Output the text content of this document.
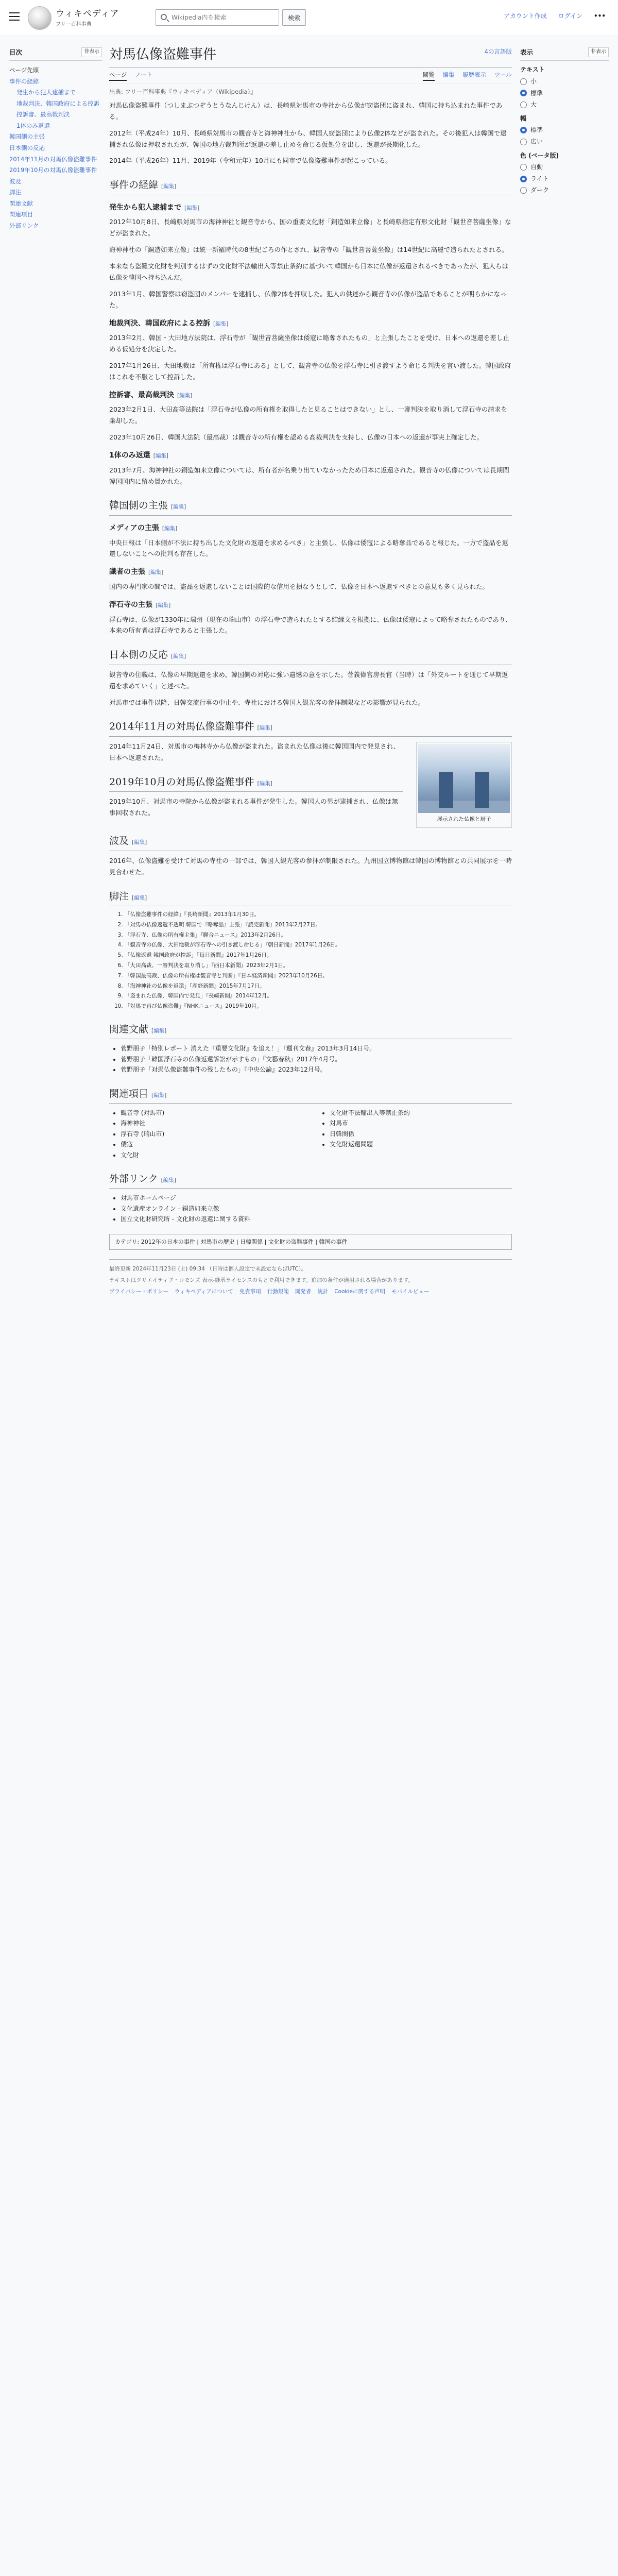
ウィキペディア
フリー百科事典
Wikipedia内を検索
検索	アカウント作成 ログイン •••
目次	非表示
ページ先頭
事件の経緯
発生から犯人逮捕まで
地裁判決、韓国政府による控訴
控訴審、最高裁判決
1体のみ返還
韓国側の主張
日本側の反応
2014年11月の対馬仏像盗難事件
2019年10月の対馬仏像盗難事件
波及
脚注
関連文献
関連項目
外部リンク
表示	非表示
テキスト
小
標準
大
幅
標準
広い
色 (ベータ版)
自動
ライト
ダーク
対馬仏像盗難事件	4の言語版
ページ ノート	閲覧 編集 履歴表示 ツール
出典: フリー百科事典『ウィキペディア（Wikipedia）』

対馬仏像盗難事件（つしまぶつぞうとうなんじけん）は、長崎県対馬市の寺社から仏像が窃盗団に盗まれ、韓国に持ち込まれた事件である。

2012年（平成24年）10月、長崎県対馬市の観音寺と海神神社から、韓国人窃盗団により仏像2体などが盗まれた。その後犯人は韓国で逮捕され仏像は押収されたが、韓国の地方裁判所が返還の差し止めを命じる仮処分を出し、返還が長期化した。

2014年（平成26年）11月、2019年（令和元年）10月にも同市で仏像盗難事件が起こっている。

事件の経緯 [ 編集 ]
発生から犯人逮捕まで [ 編集 ]

2012年10月8日、長崎県対馬市の海神神社と観音寺から、国の重要文化財「銅造如来立像」と長崎県指定有形文化財「観世音菩薩坐像」などが盗まれた。

海神神社の「銅造如来立像」は統一新羅時代の8世紀ごろの作とされ、観音寺の「観世音菩薩坐像」は14世紀に高麗で造られたとされる。

本来なら盗難文化財を判別するはずの文化財不法輸出入等禁止条約に基づいて韓国から日本に仏像が返還されるべきであったが、犯人らは仏像を韓国へ持ち込んだ。

2013年1月、韓国警察は窃盗団のメンバーを逮捕し、仏像2体を押収した。犯人の供述から観音寺の仏像が盗品であることが明らかになった。

地裁判決、韓国政府による控訴 [ 編集 ]

2013年2月、韓国・大田地方法院は、浮石寺が「観世音菩薩坐像は倭寇に略奪されたもの」と主張したことを受け、日本への返還を差し止める仮処分を決定した。

2017年1月26日、大田地裁は「所有権は浮石寺にある」として、観音寺の仏像を浮石寺に引き渡すよう命じる判決を言い渡した。韓国政府はこれを不服として控訴した。

控訴審、最高裁判決 [ 編集 ]

2023年2月1日、大田高等法院は「浮石寺が仏像の所有権を取得したと見ることはできない」とし、一審判決を取り消して浮石寺の請求を棄却した。

2023年10月26日、韓国大法院（最高裁）は観音寺の所有権を認める高裁判決を支持し、仏像の日本への返還が事実上確定した。

1体のみ返還 [ 編集 ]

2013年7月、海神神社の銅造如来立像については、所有者が名乗り出ていなかったため日本に返還された。観音寺の仏像については長期間韓国国内に留め置かれた。

韓国側の主張 [ 編集 ]
メディアの主張 [ 編集 ]

中央日報は「日本側が不法に持ち出した文化財の返還を求めるべき」と主張し、仏像は倭寇による略奪品であると報じた。一方で盗品を返還しないことへの批判も存在した。

識者の主張 [ 編集 ]

国内の専門家の間では、盗品を返還しないことは国際的な信用を損なうとして、仏像を日本へ返還すべきとの意見も多く見られた。

浮石寺の主張 [ 編集 ]

浮石寺は、仏像が1330年に瑞州（現在の瑞山市）の浮石寺で造られたとする結縁文を根拠に、仏像は倭寇によって略奪されたものであり、本来の所有者は浮石寺であると主張した。

日本側の反応 [ 編集 ]

観音寺の住職は、仏像の早期返還を求め、韓国側の対応に強い遺憾の意を示した。菅義偉官房長官（当時）は「外交ルートを通じて早期返還を求めていく」と述べた。

対馬市では事件以降、日韓交流行事の中止や、寺社における韓国人観光客の参拝制限などの影響が見られた。

2014年11月の対馬仏像盗難事件 [ 編集 ]

2014年11月24日、対馬市の梅林寺から仏像が盗まれた。盗まれた仏像は後に韓国国内で発見され、日本へ返還された。

2019年10月の対馬仏像盗難事件 [ 編集 ]

2019年10月、対馬市の寺院から仏像が盗まれる事件が発生した。韓国人の男が逮捕され、仏像は無事回収された。

展示された仏像と厨子
波及 [ 編集 ]

2016年、仏像盗難を受けて対馬の寺社の一部では、韓国人観光客の参拝が制限された。九州国立博物館は韓国の博物館との共同展示を一時見合わせた。

脚注 [ 編集 ]
1. 「仏像盗難事件の経緯」『長崎新聞』2013年1月30日。
2. 「対馬の仏像返還不透明 韓国で『略奪品』主張」『読売新聞』2013年2月27日。
3. 「浮石寺、仏像の所有権主張」『聯合ニュース』2013年2月26日。
4. 「観音寺の仏像、大田地裁が浮石寺への引き渡し命じる」『朝日新聞』2017年1月26日。
5. 「仏像返還 韓国政府が控訴」『毎日新聞』2017年1月26日。
6. 「大田高裁、一審判決を取り消し」『西日本新聞』2023年2月1日。
7. 「韓国最高裁、仏像の所有権は観音寺と判断」『日本経済新聞』2023年10月26日。
8. 「海神神社の仏像を返還」『産経新聞』2015年7月17日。
9. 「盗まれた仏像、韓国内で発見」『長崎新聞』2014年12月。
10. 「対馬で再び仏像盗難」『NHKニュース』2019年10月。
関連文献 [ 編集 ]
• 菅野朋子「特別レポート 消えた『重要文化財』を追え！」『週刊文春』2013年3月14日号。
• 菅野朋子「韓国浮石寺の仏像返還訴訟が示すもの」『文藝春秋』2017年4月号。
• 菅野朋子「対馬仏像盗難事件の残したもの」『中央公論』2023年12月号。
関連項目 [ 編集 ]
• 観音寺 (対馬市)
• 海神神社
• 浮石寺 (瑞山市)
• 倭寇
• 文化財
• 文化財不法輸出入等禁止条約
• 対馬市
• 日韓関係
• 文化財返還問題
外部リンク [ 編集 ]
• 対馬市ホームページ
• 文化遺産オンライン - 銅造如来立像
• 国立文化財研究所 - 文化財の返還に関する資料
カテゴリ: 2012年の日本の事件 | 対馬市の歴史 | 日韓関係 | 文化財の盗難事件 | 韓国の事件
最終更新 2024年11月23日 (土) 09:34 （日時は個人設定で未設定ならばUTC）。
テキストはクリエイティブ・コモンズ 表示-継承ライセンスのもとで利用できます。追加の条件が適用される場合があります。
プライバシー・ポリシー ウィキペディアについて 免責事項 行動規範 開発者 統計 Cookieに関する声明 モバイルビュー
